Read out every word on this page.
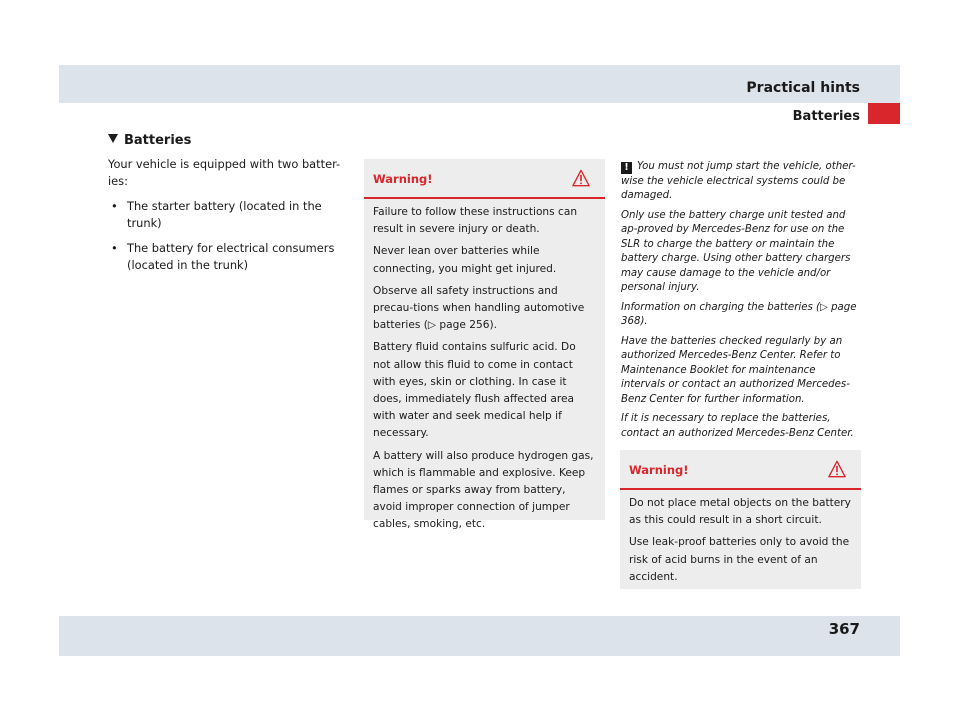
Practical hints
Batteries
Batteries

Your vehicle is equipped with two batter-ies:

• The starter battery (located in the trunk)
• The battery for electrical consumers (located in the trunk)
Warning!

Failure to follow these instructions can result in severe injury or death.

Never lean over batteries while connecting, you might get injured.

Observe all safety instructions and precau-tions when handling automotive batteries (▷ page 256).

Battery fluid contains sulfuric acid. Do not allow this fluid to come in contact with eyes, skin or clothing. In case it does, immediately flush affected area with water and seek medical help if necessary.

A battery will also produce hydrogen gas, which is flammable and explosive. Keep flames or sparks away from battery, avoid improper connection of jumper cables, smoking, etc.

! You must not jump start the vehicle, other-wise the vehicle electrical systems could be damaged.

Only use the battery charge unit tested and ap-proved by Mercedes-Benz for use on the SLR to charge the battery or maintain the battery charge. Using other battery chargers may cause damage to the vehicle and/or personal injury.

Information on charging the batteries (▷ page 368).

Have the batteries checked regularly by an authorized Mercedes-Benz Center. Refer to Maintenance Booklet for maintenance intervals or contact an authorized Mercedes-Benz Center for further information.

If it is necessary to replace the batteries, contact an authorized Mercedes-Benz Center.

Warning!

Do not place metal objects on the battery as this could result in a short circuit.

Use leak-proof batteries only to avoid the risk of acid burns in the event of an accident.

367
